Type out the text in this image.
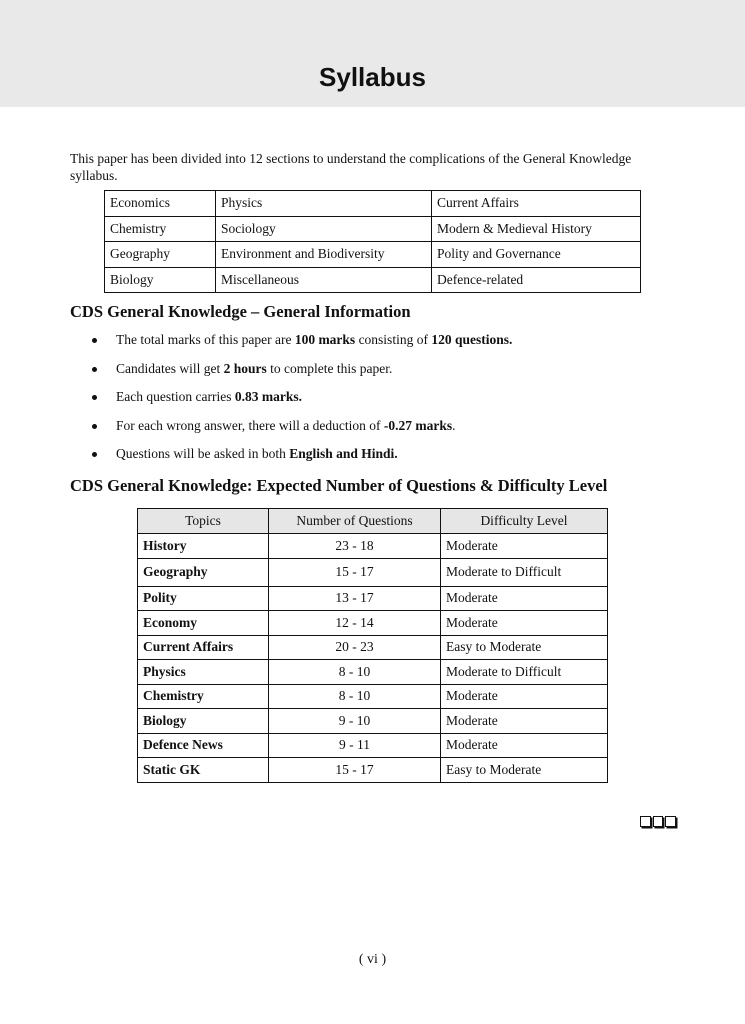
Syllabus

This paper has been divided into 12 sections to understand the complications of the General Knowledge syllabus.

Economics	Physics	Current Affairs
Chemistry	Sociology	Modern & Medieval History
Geography	Environment and Biodiversity	Polity and Governance
Biology	Miscellaneous	Defence-related
CDS General Knowledge – General Information
The total marks of this paper are 100 marks consisting of 120 questions.
Candidates will get 2 hours to complete this paper.
Each question carries 0.83 marks.
For each wrong answer, there will a deduction of -0.27 marks.
Questions will be asked in both English and Hindi.
CDS General Knowledge: Expected Number of Questions & Difficulty Level
Topics	Number of Questions	Difficulty Level
History	23 - 18	Moderate
Geography	15 - 17	Moderate to Difficult
Polity	13 - 17	Moderate
Economy	12 - 14	Moderate
Current Affairs	20 - 23	Easy to Moderate
Physics	8 - 10	Moderate to Difficult
Chemistry	8 - 10	Moderate
Biology	9 - 10	Moderate
Defence News	9 - 11	Moderate
Static GK	15 - 17	Easy to Moderate
( vi )
